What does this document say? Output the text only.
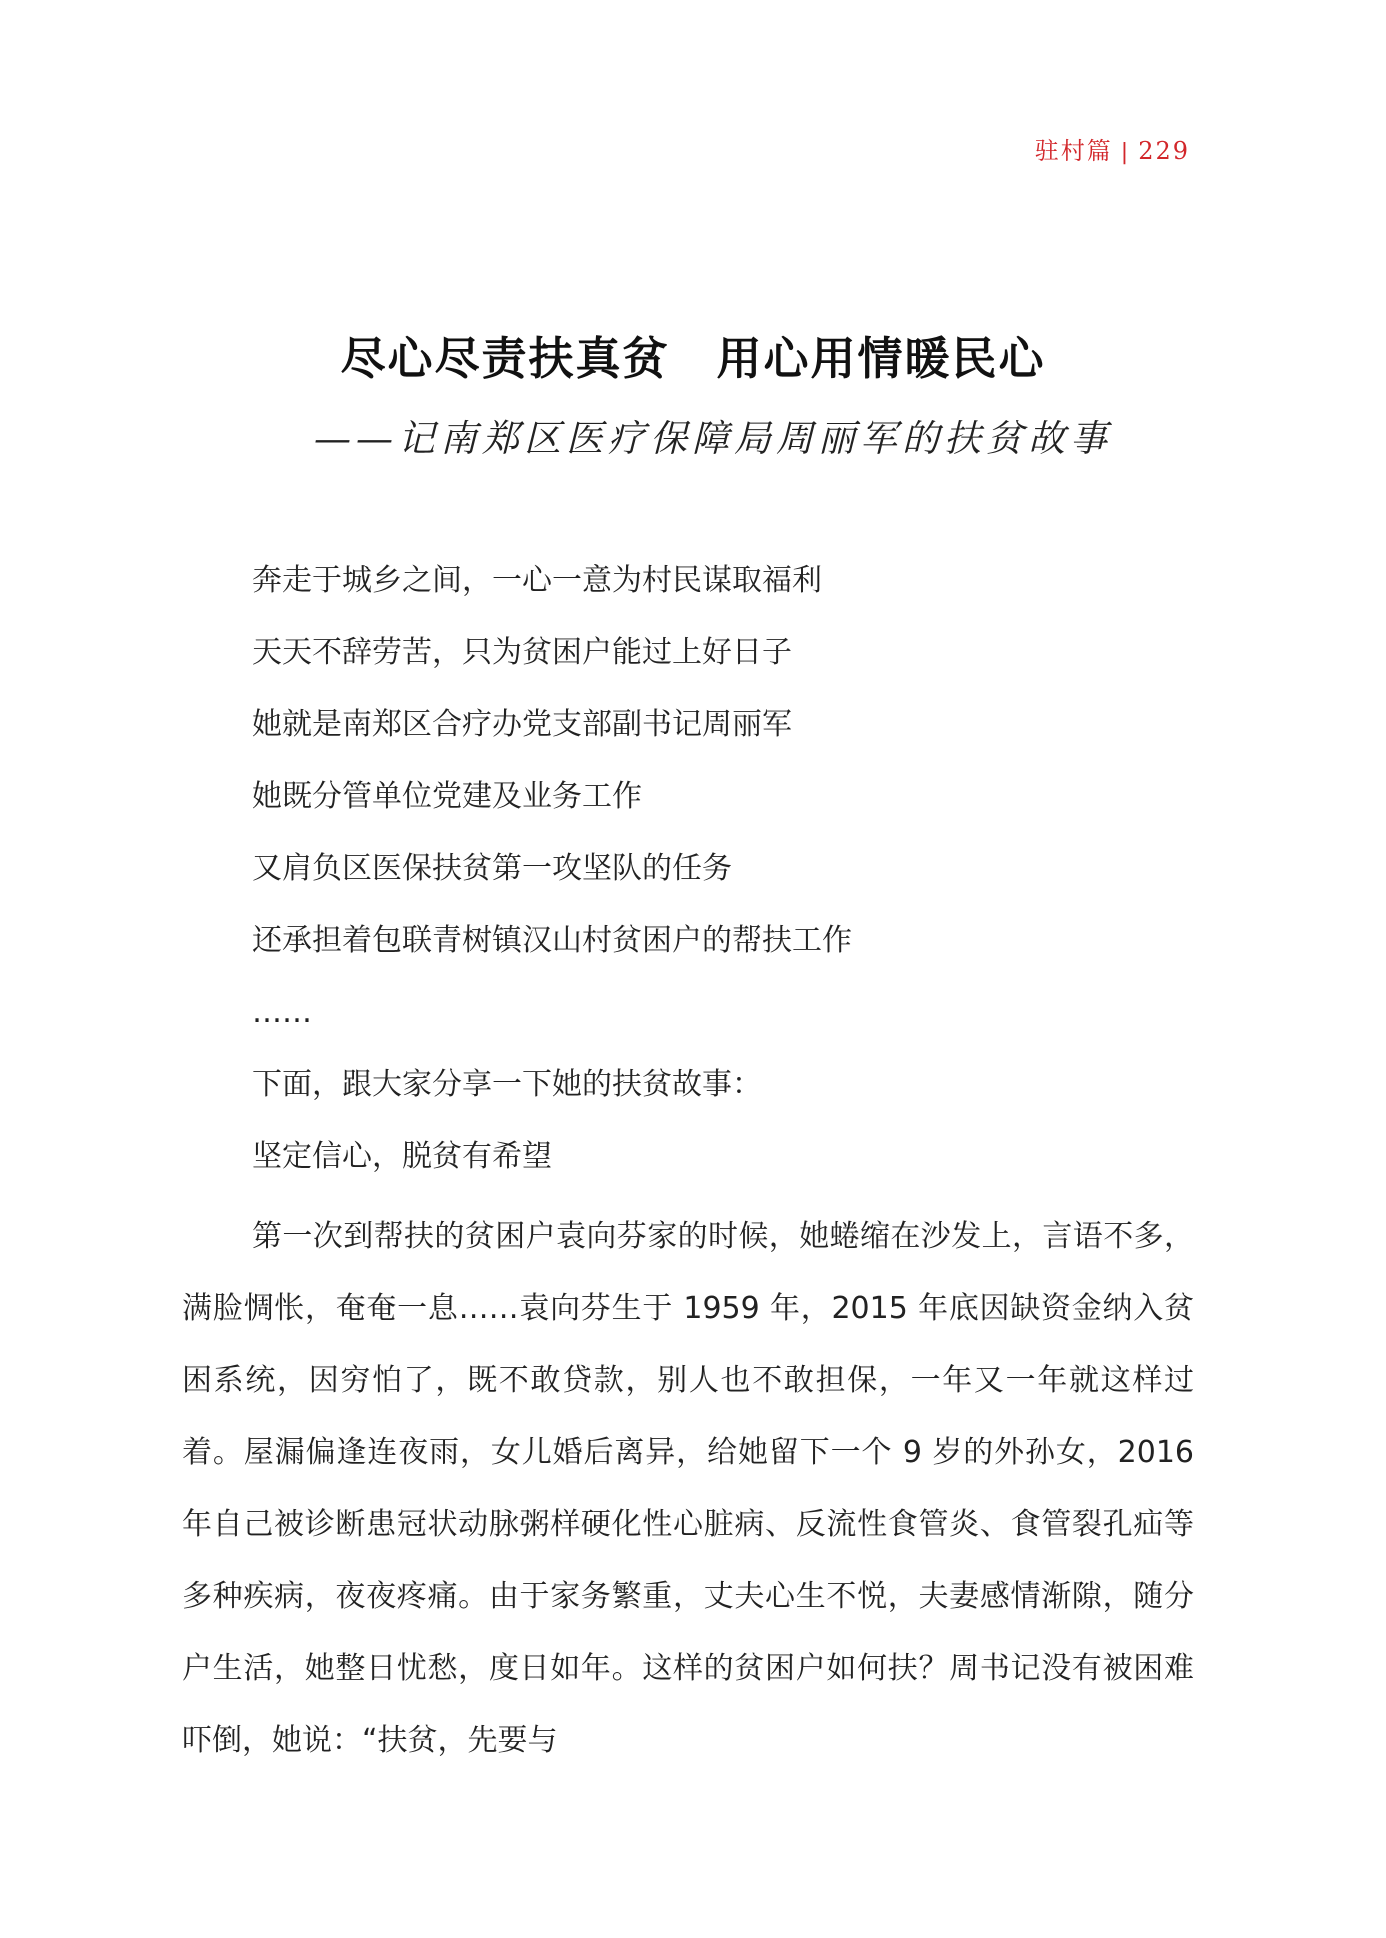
驻村篇 | 229
尽心尽责扶真贫　用心用情暖民心
——记南郑区医疗保障局周丽军的扶贫故事
奔走于城乡之间，一心一意为村民谋取福利
天天不辞劳苦，只为贫困户能过上好日子
她就是南郑区合疗办党支部副书记周丽军
她既分管单位党建及业务工作
又肩负区医保扶贫第一攻坚队的任务
还承担着包联青树镇汉山村贫困户的帮扶工作
……
下面，跟大家分享一下她的扶贫故事：
坚定信心，脱贫有希望

第一次到帮扶的贫困户袁向芬家的时候，她蜷缩在沙发上，言语不多，满脸惆怅，奄奄一息……袁向芬生于 1959 年，2015 年底因缺资金纳入贫困系统，因穷怕了，既不敢贷款，别人也不敢担保，一年又一年就这样过着。屋漏偏逢连夜雨，女儿婚后离异，给她留下一个 9 岁的外孙女，2016 年自己被诊断患冠状动脉粥样硬化性心脏病、反流性食管炎、食管裂孔疝等多种疾病，夜夜疼痛。由于家务繁重，丈夫心生不悦，夫妻感情渐隙，随分户生活，她整日忧愁，度日如年。这样的贫困户如何扶？周书记没有被困难吓倒，她说：“扶贫，先要与
